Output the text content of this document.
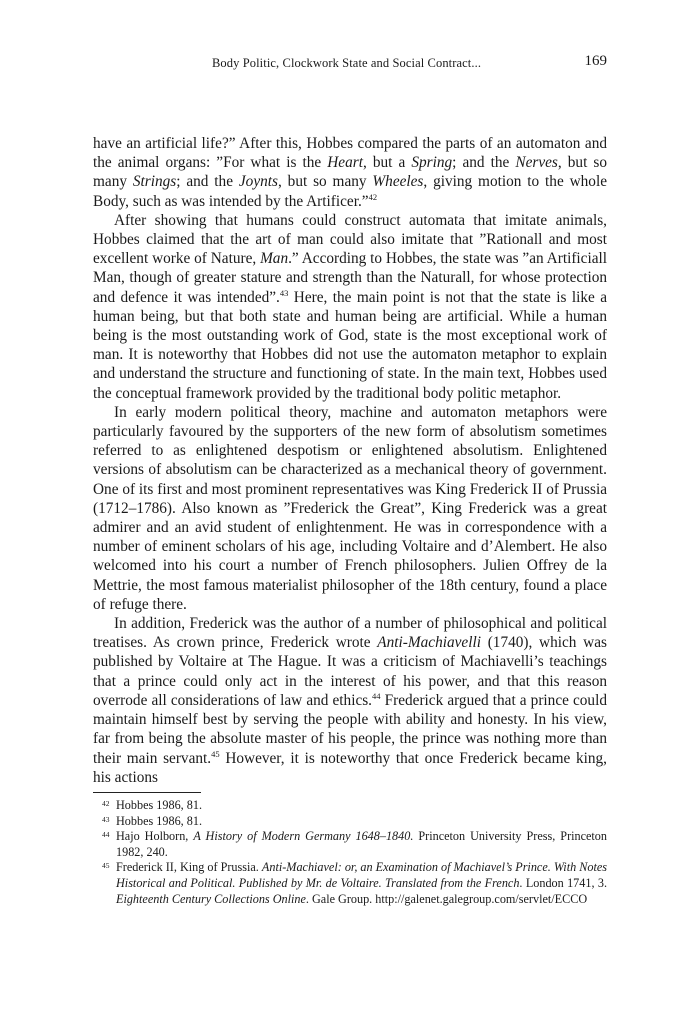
Body Politic, Clockwork State and Social Contract...	169

have an artificial life?” After this, Hobbes compared the parts of an automaton and the animal organs: ”For what is the Heart, but a Spring; and the Nerves, but so many Strings; and the Joynts, but so many Wheeles, giving motion to the whole Body, such as was intended by the Artificer.”$^{42}$

After showing that humans could construct automata that imitate animals, Hobbes claimed that the art of man could also imitate that ”Rationall and most excellent worke of Nature, Man.” According to Hobbes, the state was ”an Artificiall Man, though of greater stature and strength than the Naturall, for whose protection and defence it was intended”.$^{43}$ Here, the main point is not that the state is like a human being, but that both state and human being are artificial. While a human being is the most outstanding work of God, state is the most exceptional work of man. It is noteworthy that Hobbes did not use the automaton metaphor to explain and understand the structure and functioning of state. In the main text, Hobbes used the conceptual framework provided by the traditional body politic metaphor.

In early modern political theory, machine and automaton metaphors were particularly favoured by the supporters of the new form of absolutism sometimes referred to as enlightened despotism or enlightened absolutism. Enlightened versions of absolutism can be characterized as a mechanical theory of government. One of its first and most prominent representatives was King Frederick II of Prussia (1712–1786). Also known as ”Frederick the Great”, King Frederick was a great admirer and an avid student of enlightenment. He was in correspondence with a number of eminent scholars of his age, including Voltaire and d’Alembert. He also welcomed into his court a number of French philosophers. Julien Offrey de la Mettrie, the most famous materialist philosopher of the 18th century, found a place of refuge there.

In addition, Frederick was the author of a number of philosophical and political treatises. As crown prince, Frederick wrote Anti-Machiavelli (1740), which was published by Voltaire at The Hague. It was a criticism of Machiavelli’s teachings that a prince could only act in the interest of his power, and that this reason overrode all considerations of law and ethics.$^{44}$ Frederick argued that a prince could maintain himself best by serving the people with ability and honesty. In his view, far from being the absolute master of his people, the prince was nothing more than their main servant.$^{45}$ However, it is noteworthy that once Frederick became king, his actions

42 Hobbes 1986, 81.
43 Hobbes 1986, 81.
44 Hajo Holborn, A History of Modern Germany 1648–1840. Princeton University Press, Princeton 1982, 240.
45 Frederick II, King of Prussia. Anti-Machiavel: or, an Examination of Machiavel’s Prince. With Notes Historical and Political. Published by Mr. de Voltaire. Translated from the French. London 1741, 3. Eighteenth Century Collections Online. Gale Group. http://galenet.galegroup.com/servlet/ECCO
